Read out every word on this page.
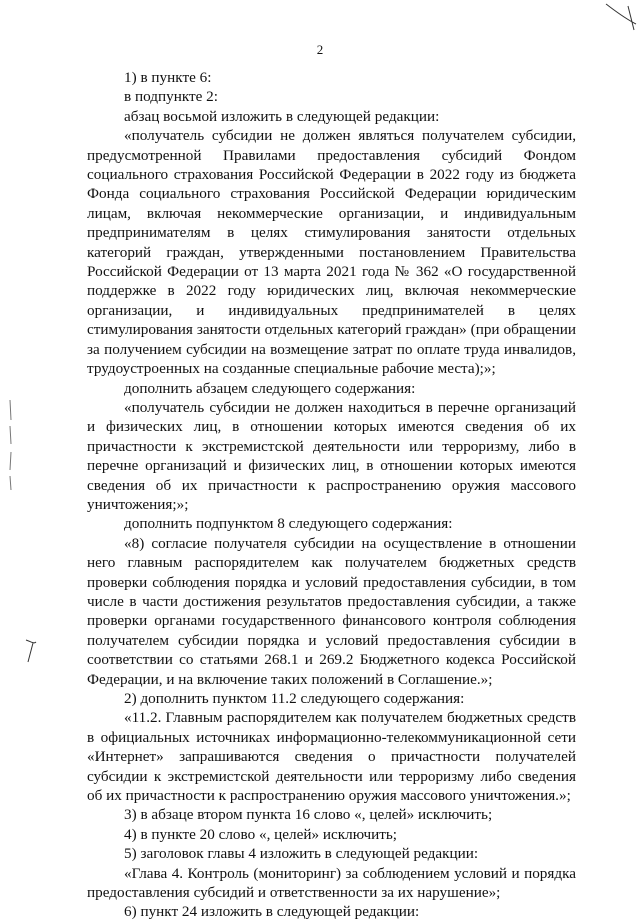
2

1) в пункте 6:

в подпункте 2:

абзац восьмой изложить в следующей редакции:

«получатель субсидии не должен являться получателем субсидии, предусмотренной Правилами предоставления субсидий Фондом социального страхования Российской Федерации в 2022 году из бюджета Фонда социального страхования Российской Федерации юридическим лицам, включая некоммерческие организации, и индивидуальным предпринимателям в целях стимулирования занятости отдельных категорий граждан, утвержденными постановлением Правительства Российской Федерации от 13 марта 2021 года № 362 «О государственной поддержке в 2022 году юридических лиц, включая некоммерческие организации, и индивидуальных предпринимателей в целях стимулирования занятости отдельных категорий граждан» (при обращении за получением субсидии на возмещение затрат по оплате труда инвалидов, трудоустроенных на созданные специальные рабочие места);»;

дополнить абзацем следующего содержания:

«получатель субсидии не должен находиться в перечне организаций и физических лиц, в отношении которых имеются сведения об их причастности к экстремистской деятельности или терроризму, либо в перечне организаций и физических лиц, в отношении которых имеются сведения об их причастности к распространению оружия массового уничтожения;»;

дополнить подпунктом 8 следующего содержания:

«8) согласие получателя субсидии на осуществление в отношении него главным распорядителем как получателем бюджетных средств проверки соблюдения порядка и условий предоставления субсидии, в том числе в части достижения результатов предоставления субсидии, а также проверки органами государственного финансового контроля соблюдения получателем субсидии порядка и условий предоставления субсидии в соответствии со статьями 268.1 и 269.2 Бюджетного кодекса Российской Федерации, и на включение таких положений в Соглашение.»;

2) дополнить пунктом 11.2 следующего содержания:

«11.2. Главным распорядителем как получателем бюджетных средств в официальных источниках информационно-телекоммуникационной сети «Интернет» запрашиваются сведения о причастности получателей субсидии к экстремистской деятельности или терроризму либо сведения об их причастности к распространению оружия массового уничтожения.»;

3) в абзаце втором пункта 16 слово «, целей» исключить;

4) в пункте 20 слово «, целей» исключить;

5) заголовок главы 4 изложить в следующей редакции:

«Глава 4. Контроль (мониторинг) за соблюдением условий и порядка предоставления субсидий и ответственности за их нарушение»;

6) пункт 24 изложить в следующей редакции:
